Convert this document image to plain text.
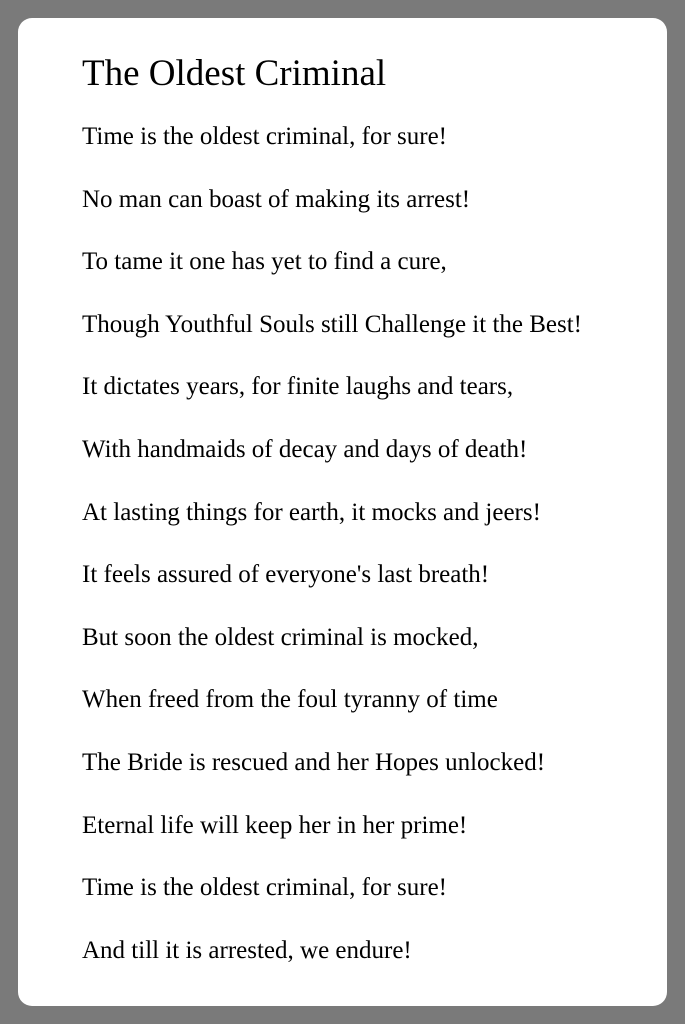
The Oldest Criminal
Time is the oldest criminal, for sure!
No man can boast of making its arrest!
To tame it one has yet to find a cure,
Though Youthful Souls still Challenge it the Best!
It dictates years, for finite laughs and tears,
With handmaids of decay and days of death!
At lasting things for earth, it mocks and jeers!
It feels assured of everyone's last breath!
But soon the oldest criminal is mocked,
When freed from the foul tyranny of time
The Bride is rescued and her Hopes unlocked!
Eternal life will keep her in her prime!
Time is the oldest criminal, for sure!
And till it is arrested, we endure!
